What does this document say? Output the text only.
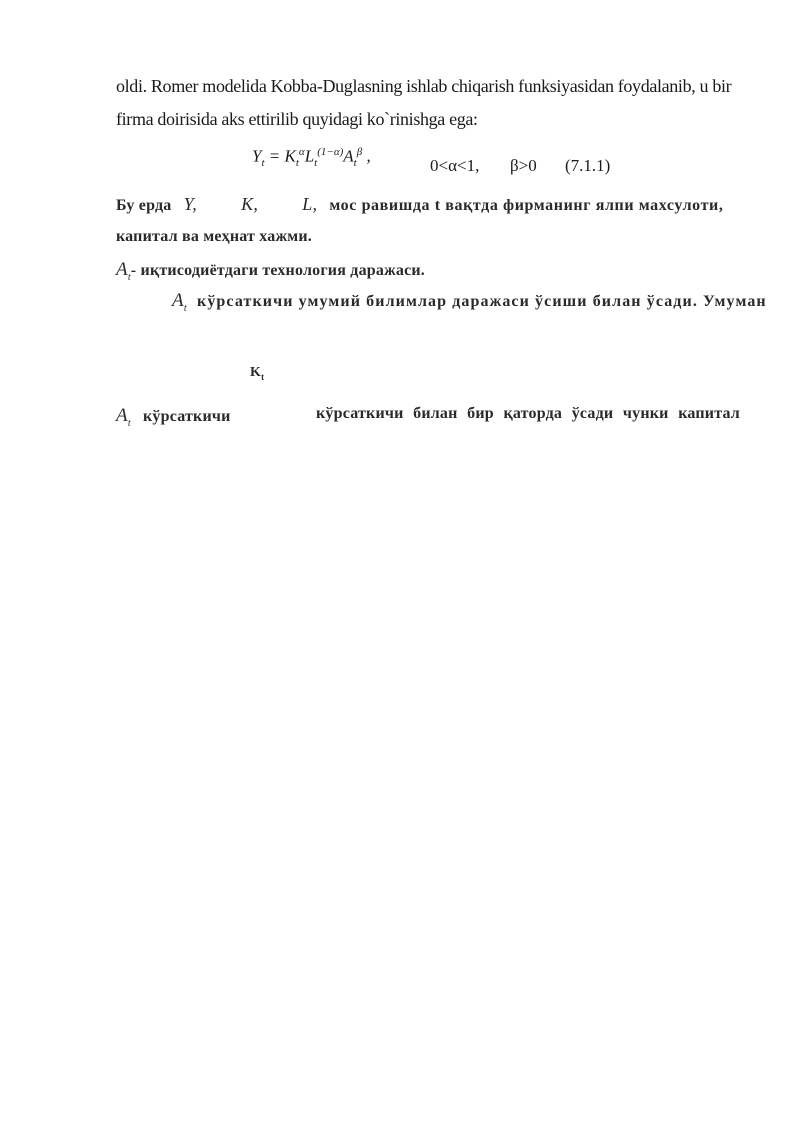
oldi. Romer modelida Kobba-Duglasning ishlab chiqarish funksiyasidan foydalanib, u bir
firma doirisida aks ettirilib quyidagi ko`rinishga ega:
$Y_t = K_t^\alpha L_t^{(1-\alpha)}A_t^\beta$ ,	0<α<1, β>0 (7.1.1)
Бу ерда Y, K, L, мос равишда t вақтда фирманинг ялпи махсулоти,
капитал ва меҳнат хажми.
$A_t-$ иқтисодиётдаги технология даражаси.
$A_t$ кўрсаткичи умумий билимлар даражаси ўсиши билан ўсади. Умуман
$K_t$
$A_t$ кўрсаткичи	кўрсаткичи билан бир қаторда ўсади чунки капитал
